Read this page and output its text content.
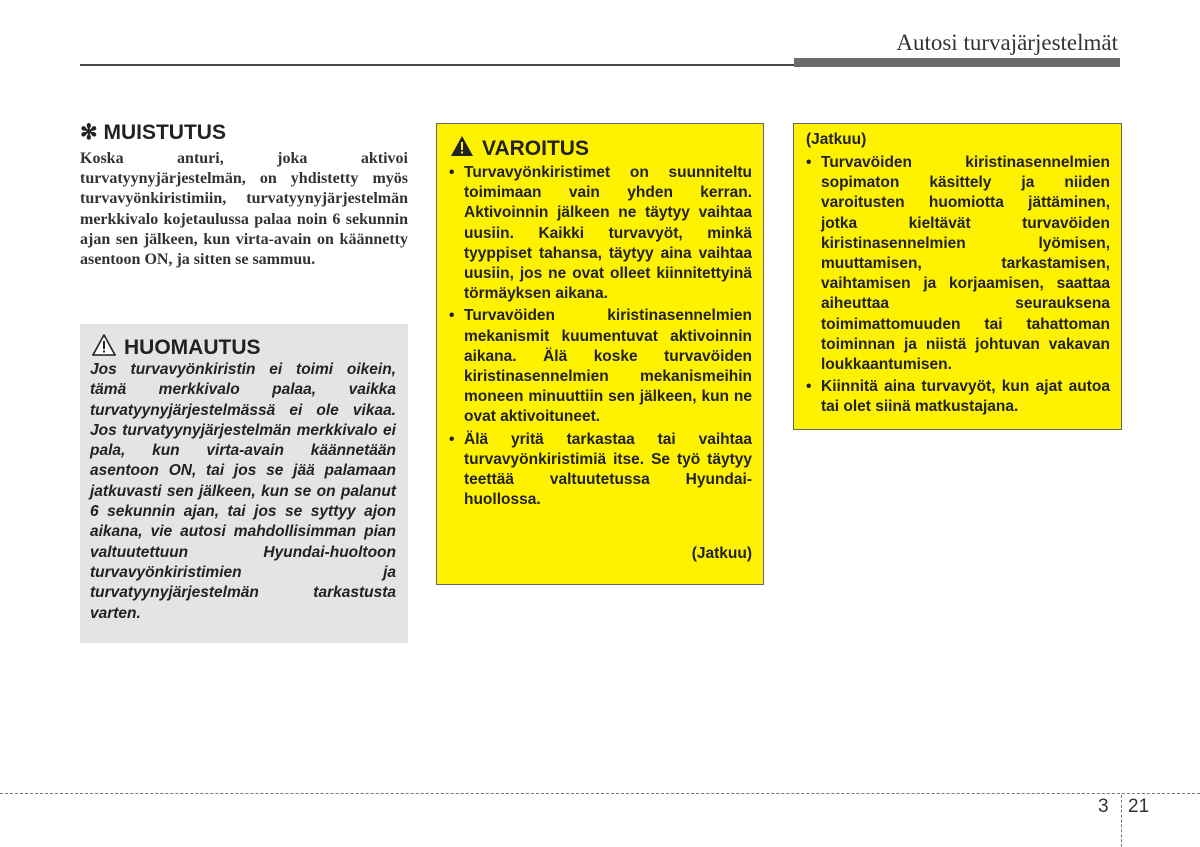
Autosi turvajärjestelmät
✻ MUISTUTUS
Koska anturi, joka aktivoi turvatyynyjärjestelmän, on yhdistetty myös turvavyönkiristimiin, turvatyynyjärjestelmän merkkivalo kojetaulussa palaa noin 6 sekunnin ajan sen jälkeen, kun virta-avain on käännetty asentoon ON, ja sitten se sammuu.
HUOMAUTUS
Jos turvavyönkiristin ei toimi oikein, tämä merkkivalo palaa, vaikka turvatyynyjärjestelmässä ei ole vikaa. Jos turvatyynyjärjestelmän merkkivalo ei pala, kun virta-avain käännetään asentoon ON, tai jos se jää palamaan jatkuvasti sen jälkeen, kun se on palanut 6 sekunnin ajan, tai jos se syttyy ajon aikana, vie autosi mahdollisimman pian valtuutettuun Hyundai-huoltoon turvavyönkiristimien ja turvatyynyjärjestelmän tarkastusta varten.
VAROITUS
• Turvavyönkiristimet on suunniteltu toimimaan vain yhden kerran. Aktivoinnin jälkeen ne täytyy vaihtaa uusiin. Kaikki turvavyöt, minkä tyyppiset tahansa, täytyy aina vaihtaa uusiin, jos ne ovat olleet kiinnitettyinä törmäyksen aikana.
• Turvavöiden kiristinasennelmien mekanismit kuumentuvat aktivoinnin aikana. Älä koske turvavöiden kiristinasennelmien mekanismeihin moneen minuuttiin sen jälkeen, kun ne ovat aktivoituneet.
• Älä yritä tarkastaa tai vaihtaa turvavyönkiristimiä itse. Se työ täytyy teettää valtuutetussa Hyundai-huollossa.
(Jatkuu)
(Jatkuu)
• Turvavöiden kiristinasennelmien sopimaton käsittely ja niiden varoitusten huomiotta jättäminen, jotka kieltävät turvavöiden kiristinasennelmien lyömisen, muuttamisen, tarkastamisen, vaihtamisen ja korjaamisen, saattaa aiheuttaa seurauksena toimimattomuuden tai tahattoman toiminnan ja niistä johtuvan vakavan loukkaantumisen.
• Kiinnitä aina turvavyöt, kun ajat autoa tai olet siinä matkustajana.
3 21
